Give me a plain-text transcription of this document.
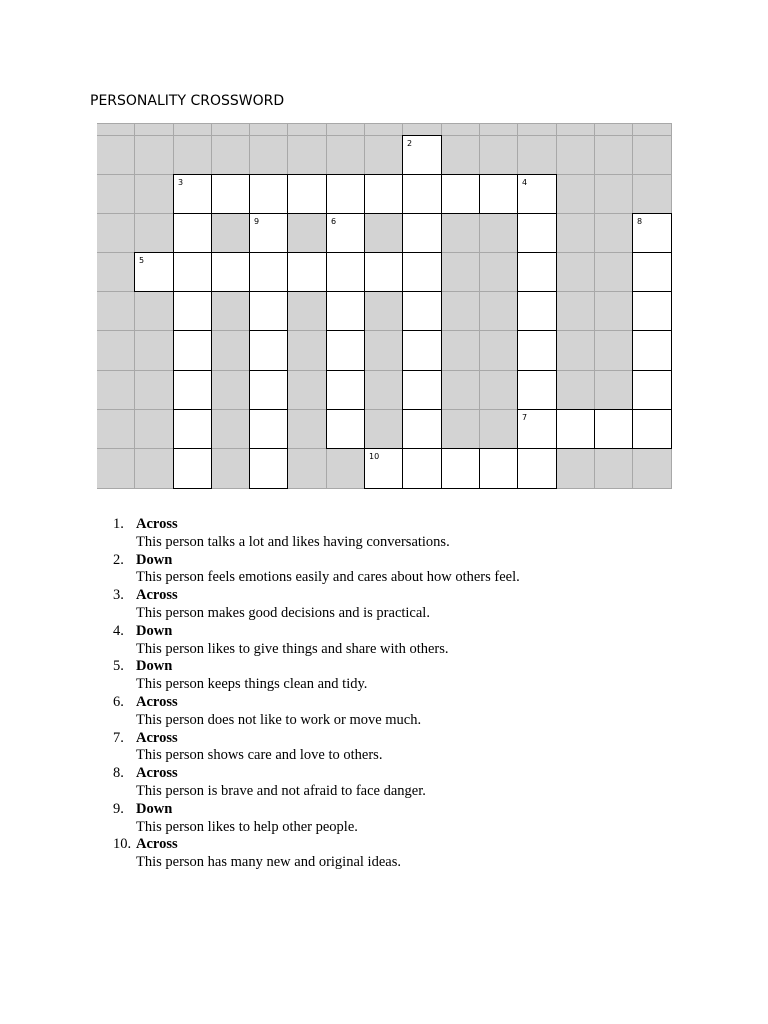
PERSONALITY CROSSWORD
2
3	4
9	6	8
5
7
10
1. Across
This person talks a lot and likes having conversations.
2. Down
This person feels emotions easily and cares about how others feel.
3. Across
This person makes good decisions and is practical.
4. Down
This person likes to give things and share with others.
5. Down
This person keeps things clean and tidy.
6. Across
This person does not like to work or move much.
7. Across
This person shows care and love to others.
8. Across
This person is brave and not afraid to face danger.
9. Down
This person likes to help other people.
10. Across
This person has many new and original ideas.
